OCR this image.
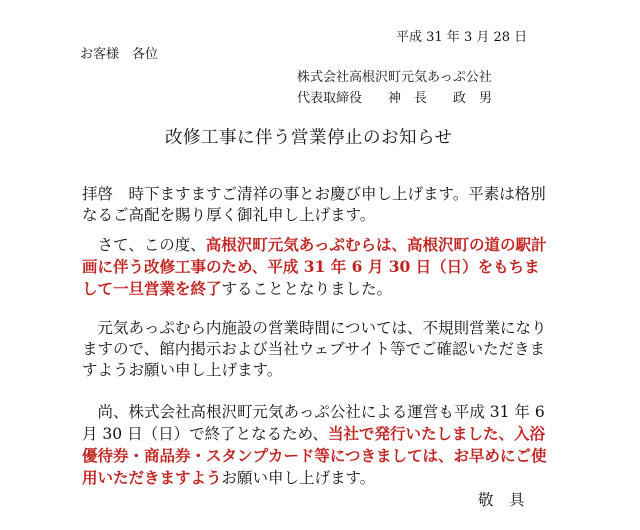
平成 31 年 3 月 28 日
お客様　各位
株式会社高根沢町元気あっぷ公社
代表取締役　　神　長　　政　男
改修工事に伴う営業停止のお知らせ

拝啓　時下ますますご清祥の事とお慶び申し上げます。平素は格別なるご高配を賜り厚く御礼申し上げます。

　さて、この度、高根沢町元気あっぷむらは、高根沢町の道の駅計画に伴う改修工事のため、平成 31 年 6 月 30 日（日）をもちまして一旦営業を終了することとなりました。

　元気あっぷむら内施設の営業時間については、不規則営業になりますので、館内掲示および当社ウェブサイト等でご確認いただきますようお願い申し上げます。

　尚、株式会社高根沢町元気あっぷ公社による運営も平成 31 年 6 月 30 日（日）で終了となるため、当社で発行いたしました、入浴優待券・商品券・スタンプカード等につきましては、お早めにご使用いただきますようお願い申し上げます。

敬　具
